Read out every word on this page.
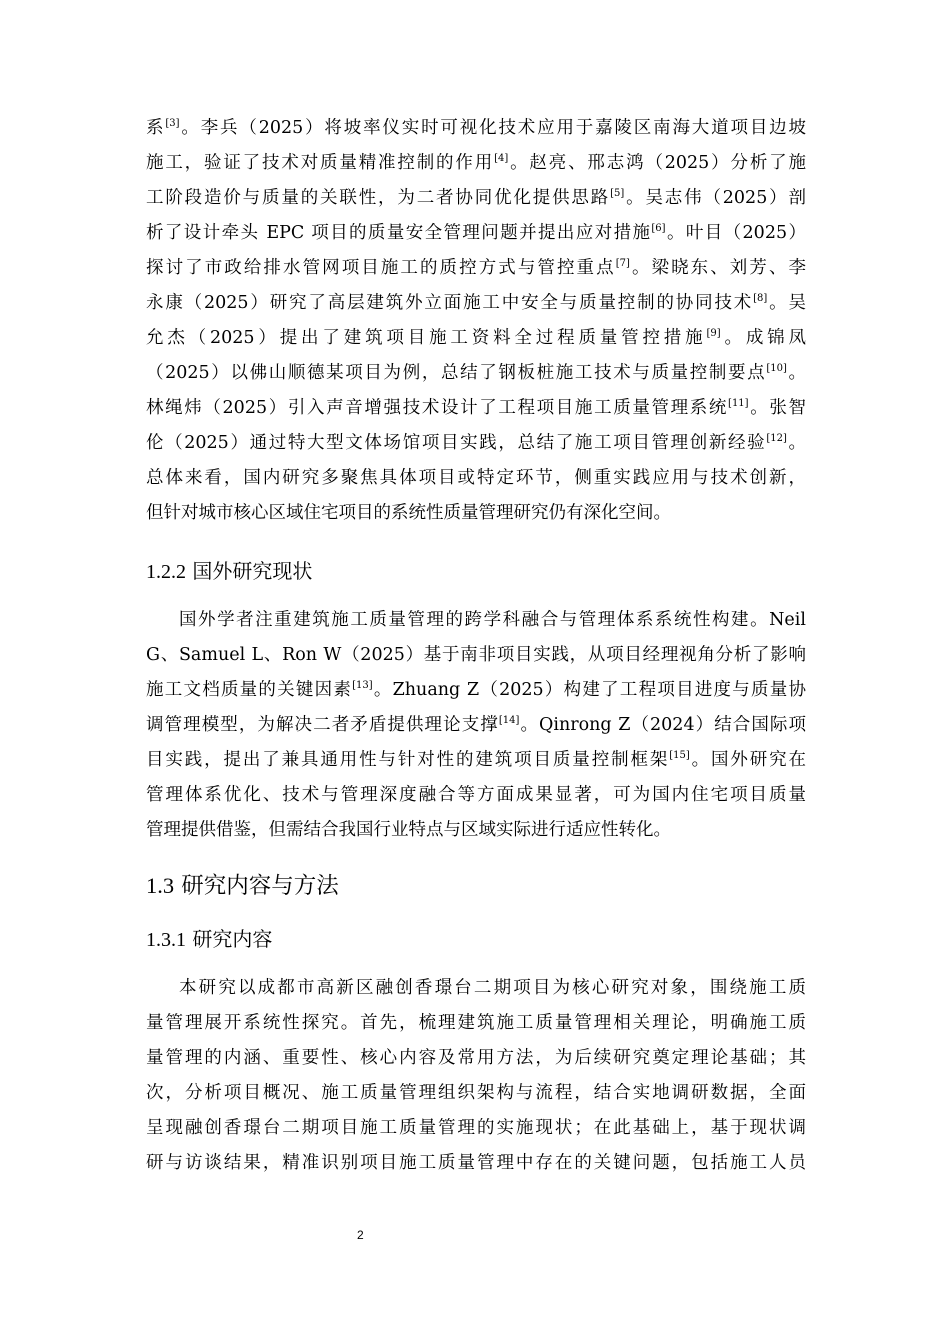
系[3]。李兵（2025）将坡率仪实时可视化技术应用于嘉陵区南海大道项目边坡
施工，验证了技术对质量精准控制的作用[4]。赵亮、邢志鸿（2025）分析了施
工阶段造价与质量的关联性，为二者协同优化提供思路[5]。吴志伟（2025）剖
析了设计牵头 EPC 项目的质量安全管理问题并提出应对措施[6]。叶目（2025）
探讨了市政给排水管网项目施工的质控方式与管控重点[7]。梁晓东、刘芳、李
永康（2025）研究了高层建筑外立面施工中安全与质量控制的协同技术[8]。吴
允杰（2025）提出了建筑项目施工资料全过程质量管控措施[9]。成锦凤
（2025）以佛山顺德某项目为例，总结了钢板桩施工技术与质量控制要点[10]。
林绳炜（2025）引入声音增强技术设计了工程项目施工质量管理系统[11]。张智
伦（2025）通过特大型文体场馆项目实践，总结了施工项目管理创新经验[12]。
总体来看，国内研究多聚焦具体项目或特定环节，侧重实践应用与技术创新，
但针对城市核心区域住宅项目的系统性质量管理研究仍有深化空间。
1.2.2 国外研究现状
国外学者注重建筑施工质量管理的跨学科融合与管理体系系统性构建。Neil
G、Samuel L、Ron W（2025）基于南非项目实践，从项目经理视角分析了影响
施工文档质量的关键因素[13]。Zhuang Z（2025）构建了工程项目进度与质量协
调管理模型，为解决二者矛盾提供理论支撑[14]。Qinrong Z（2024）结合国际项
目实践，提出了兼具通用性与针对性的建筑项目质量控制框架[15]。国外研究在
管理体系优化、技术与管理深度融合等方面成果显著，可为国内住宅项目质量
管理提供借鉴，但需结合我国行业特点与区域实际进行适应性转化。
1.3 研究内容与方法
1.3.1 研究内容
本研究以成都市高新区融创香璟台二期项目为核心研究对象，围绕施工质
量管理展开系统性探究。首先，梳理建筑施工质量管理相关理论，明确施工质
量管理的内涵、重要性、核心内容及常用方法，为后续研究奠定理论基础；其
次，分析项目概况、施工质量管理组织架构与流程，结合实地调研数据，全面
呈现融创香璟台二期项目施工质量管理的实施现状；在此基础上，基于现状调
研与访谈结果，精准识别项目施工质量管理中存在的关键问题，包括施工人员
2
